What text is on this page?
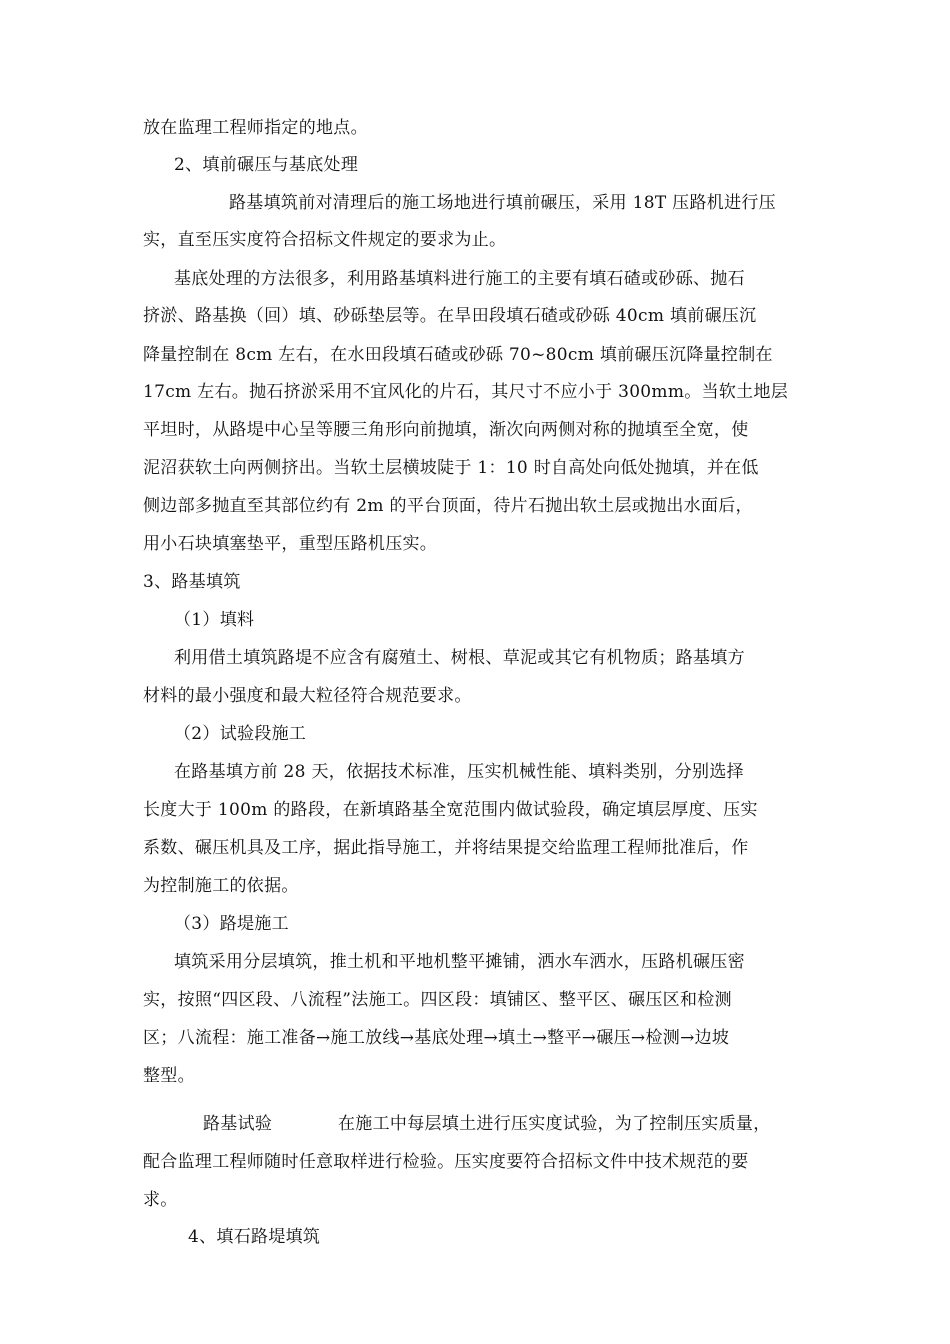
放在监理工程师指定的地点。
2、填前碾压与基底处理
路基填筑前对清理后的施工场地进行填前碾压，采用 18T 压路机进行压
实，直至压实度符合招标文件规定的要求为止。
基底处理的方法很多，利用路基填料进行施工的主要有填石碴或砂砾、抛石
挤淤、路基换（回）填、砂砾垫层等。在旱田段填石碴或砂砾 40cm 填前碾压沉
降量控制在 8cm 左右，在水田段填石碴或砂砾 70~80cm 填前碾压沉降量控制在
17cm 左右。抛石挤淤采用不宜风化的片石，其尺寸不应小于 300mm。当软土地层
平坦时，从路堤中心呈等腰三角形向前抛填，渐次向两侧对称的抛填至全宽，使
泥沼获软土向两侧挤出。当软土层横坡陡于 1：10 时自高处向低处抛填，并在低
侧边部多抛直至其部位约有 2m 的平台顶面，待片石抛出软土层或抛出水面后，
用小石块填塞垫平，重型压路机压实。
3、路基填筑
（1）填料
利用借土填筑路堤不应含有腐殖土、树根、草泥或其它有机物质；路基填方
材料的最小强度和最大粒径符合规范要求。
（2）试验段施工
在路基填方前 28 天，依据技术标准，压实机械性能、填料类别，分别选择
长度大于 100m 的路段，在新填路基全宽范围内做试验段，确定填层厚度、压实
系数、碾压机具及工序，据此指导施工，并将结果提交给监理工程师批准后，作
为控制施工的依据。
（3）路堤施工
填筑采用分层填筑，推土机和平地机整平摊铺，洒水车洒水，压路机碾压密
实，按照“四区段、八流程”法施工。四区段：填铺区、整平区、碾压区和检测
区；八流程：施工准备→施工放线→基底处理→填土→整平→碾压→检测→边坡
整型。
路基试验	在施工中每层填土进行压实度试验，为了控制压实质量，
配合监理工程师随时任意取样进行检验。压实度要符合招标文件中技术规范的要
求。
4、填石路堤填筑
